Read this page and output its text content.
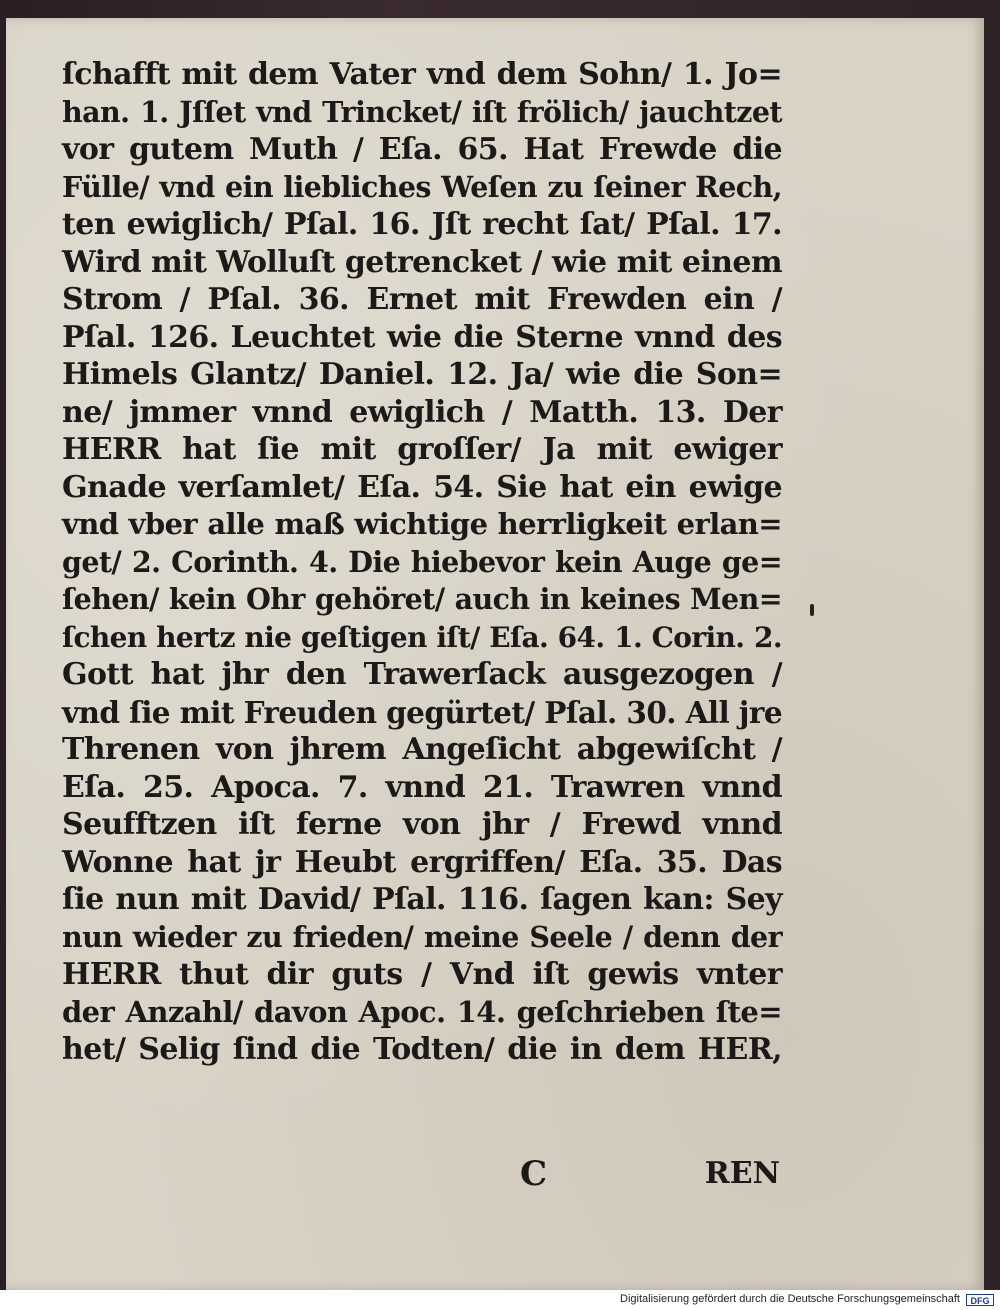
ſchafft mit dem Vater vnd dem Sohn/ 1. Jo=
han. 1. Jſſet vnd Trincket/ iſt frölich/ jauchtzet
vor gutem Muth / Eſa. 65. Hat Frewde die
Fülle/ vnd ein liebliches Weſen zu ſeiner Rech,
ten ewiglich/ Pſal. 16. Jſt recht ſat/ Pſal. 17.
Wird mit Wolluſt getrencket / wie mit einem
Strom / Pſal. 36. Ernet mit Frewden ein /
Pſal. 126. Leuchtet wie die Sterne vnnd des
Himels Glantz/ Daniel. 12. Ja/ wie die Son=
ne/ jmmer vnnd ewiglich / Matth. 13. Der
HERR hat ſie mit groſſer/ Ja mit ewiger
Gnade verſamlet/ Eſa. 54. Sie hat ein ewige
vnd vber alle maß wichtige herrligkeit erlan=
get/ 2. Corinth. 4. Die hiebevor kein Auge ge=
ſehen/ kein Ohr gehöret/ auch in keines Men=
ſchen hertz nie geſtigen iſt/ Eſa. 64. 1. Corin. 2.
Gott hat jhr den Trawerſack ausgezogen /
vnd ſie mit Freuden gegürtet/ Pſal. 30. All jre
Threnen von jhrem Angeſicht abgewiſcht /
Eſa. 25. Apoca. 7. vnnd 21. Trawren vnnd
Seufftzen iſt ferne von jhr / Frewd vnnd
Wonne hat jr Heubt ergriffen/ Eſa. 35. Das
ſie nun mit David/ Pſal. 116. ſagen kan: Sey
nun wieder zu frieden/ meine Seele / denn der
HERR thut dir guts / Vnd iſt gewis vnter
der Anzahl/ davon Apoc. 14. geſchrieben ſte=
het/ Selig ſind die Todten/ die in dem HER,
C	REN
Digitalisierung gefördert durch die Deutsche Forschungsgemeinschaft	DFG
